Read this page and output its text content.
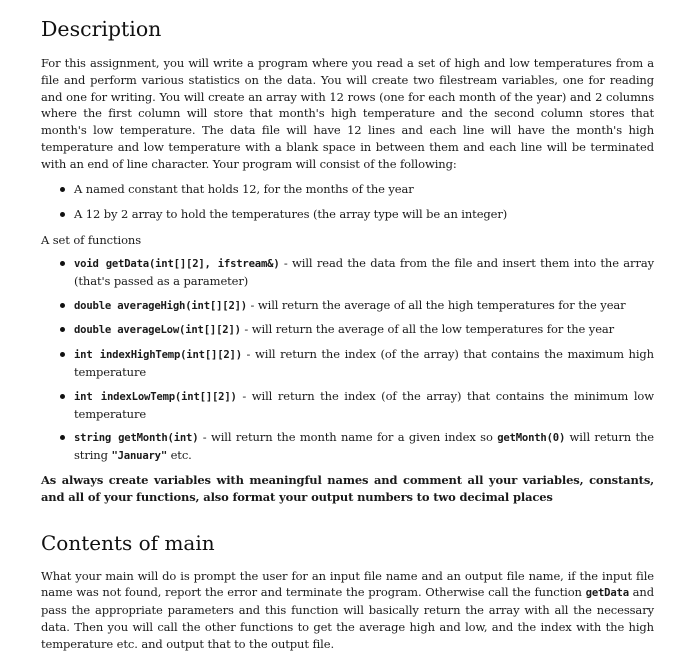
Description

For this assignment, you will write a program where you read a set of high and low temperatures from a file and perform various statistics on the data. You will create two filestream variables, one for reading and one for writing. You will create an array with 12 rows (one for each month of the year) and 2 columns where the first column will store that month's high temperature and the second column stores that month's low temperature. The data file will have 12 lines and each line will have the month's high temperature and low temperature with a blank space in between them and each line will be terminated with an end of line character. Your program will consist of the following:

A named constant that holds 12, for the months of the year
A 12 by 2 array to hold the temperatures (the array type will be an integer)

A set of functions

void getData(int[][2], ifstream&) - will read the data from the file and insert them into the array (that's passed as a parameter)
double averageHigh(int[][2]) - will return the average of all the high temperatures for the year
double averageLow(int[][2]) - will return the average of all the low temperatures for the year
int indexHighTemp(int[][2]) - will return the index (of the array) that contains the maximum high temperature
int indexLowTemp(int[][2]) - will return the index (of the array) that contains the minimum low temperature
string getMonth(int) - will return the month name for a given index so getMonth(0) will return the string "January" etc.

As always create variables with meaningful names and comment all your variables, constants, and all of your functions, also format your output numbers to two decimal places

Contents of main

What your main will do is prompt the user for an input file name and an output file name, if the input file name was not found, report the error and terminate the program. Otherwise call the function getData and pass the appropriate parameters and this function will basically return the array with all the necessary data. Then you will call the other functions to get the average high and low, and the index with the high temperature etc. and output that to the output file.
